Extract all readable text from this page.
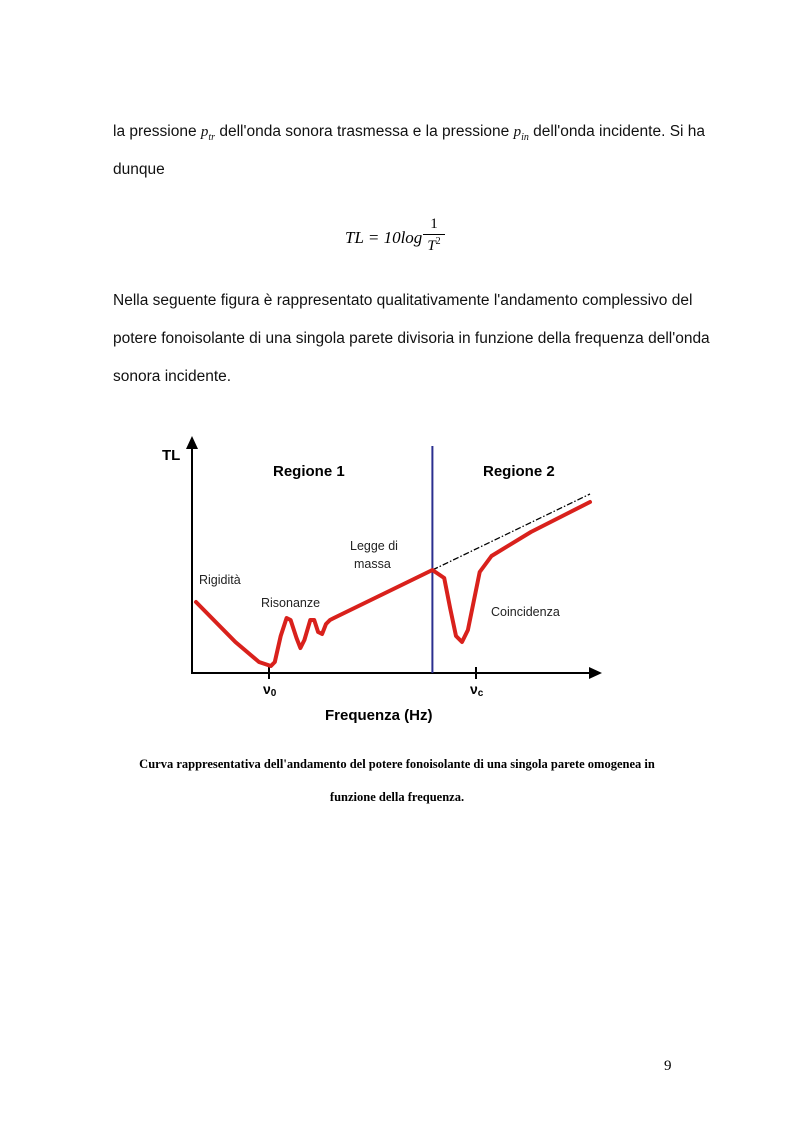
la pressione $p_{tr}$ dell'onda sonora trasmessa e la pressione $p_{in}$ dell'onda incidente. Si ha
dunque
TL = 10log
1
$T^2$
Nella seguente figura è rappresentato qualitativamente l'andamento complessivo del
potere fonoisolante di una singola parete divisoria in funzione della frequenza dell'onda
sonora incidente.
TL
Regione 1	Regione 2
Rigidità
Risonanze
Legge di
massa
Coincidenza
ν0	νc
Frequenza (Hz)
Curva rappresentativa dell'andamento del potere fonoisolante di una singola parete omogenea in
funzione della frequenza.
9
